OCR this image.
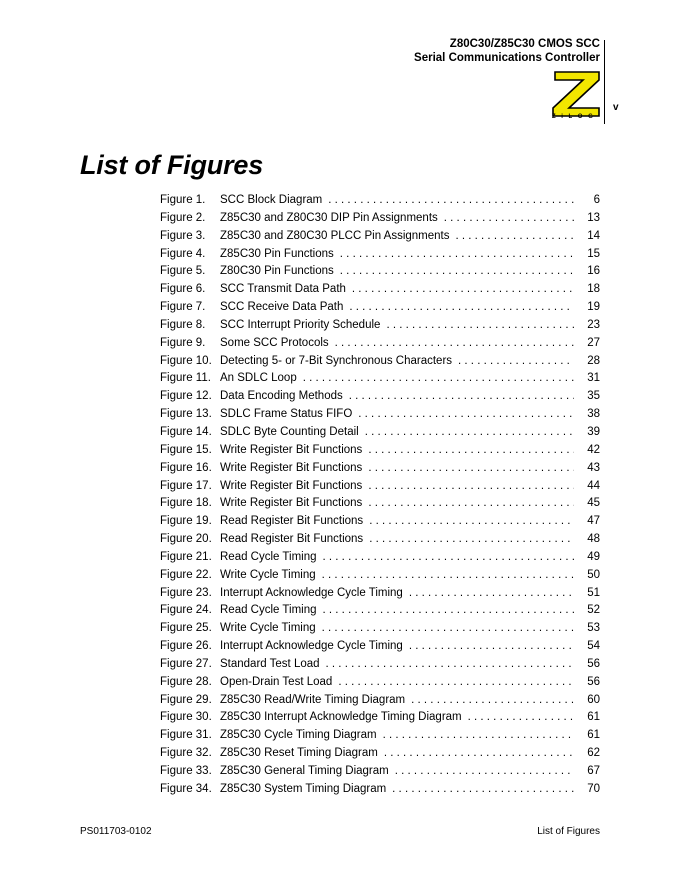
Z80C30/Z85C30 CMOS SCC
Serial Communications Controller
ZiLOG
v
List of Figures
Figure 1.	SCC Block Diagram . . .	6
Figure 2.	Z85C30 and Z80C30 DIP Pin Assignments . . .	13
Figure 3.	Z85C30 and Z80C30 PLCC Pin Assignments . . .	14
Figure 4.	Z85C30 Pin Functions . . .	15
Figure 5.	Z80C30 Pin Functions . . .	16
Figure 6.	SCC Transmit Data Path . . .	18
Figure 7.	SCC Receive Data Path . . .	19
Figure 8.	SCC Interrupt Priority Schedule . . .	23
Figure 9.	Some SCC Protocols . . .	27
Figure 10. Detecting 5- or 7-Bit Synchronous Characters . . .	28
Figure 11. An SDLC Loop . . .	31
Figure 12. Data Encoding Methods . . .	35
Figure 13. SDLC Frame Status FIFO . . .	38
Figure 14. SDLC Byte Counting Detail . . .	39
Figure 15. Write Register Bit Functions . . .	42
Figure 16. Write Register Bit Functions . . .	43
Figure 17. Write Register Bit Functions . . .	44
Figure 18. Write Register Bit Functions . . .	45
Figure 19. Read Register Bit Functions . . .	47
Figure 20. Read Register Bit Functions . . .	48
Figure 21. Read Cycle Timing . . .	49
Figure 22. Write Cycle Timing . . .	50
Figure 23. Interrupt Acknowledge Cycle Timing . . .	51
Figure 24. Read Cycle Timing . . .	52
Figure 25. Write Cycle Timing . . .	53
Figure 26. Interrupt Acknowledge Cycle Timing . . .	54
Figure 27. Standard Test Load . . .	56
Figure 28. Open-Drain Test Load . . .	56
Figure 29. Z85C30 Read/Write Timing Diagram . . .	60
Figure 30. Z85C30 Interrupt Acknowledge Timing Diagram . . .	61
Figure 31. Z85C30 Cycle Timing Diagram . . .	61
Figure 32. Z85C30 Reset Timing Diagram . . .	62
Figure 33. Z85C30 General Timing Diagram . . .	67
Figure 34. Z85C30 System Timing Diagram . . .	70
PS011703-0102	List of Figures
